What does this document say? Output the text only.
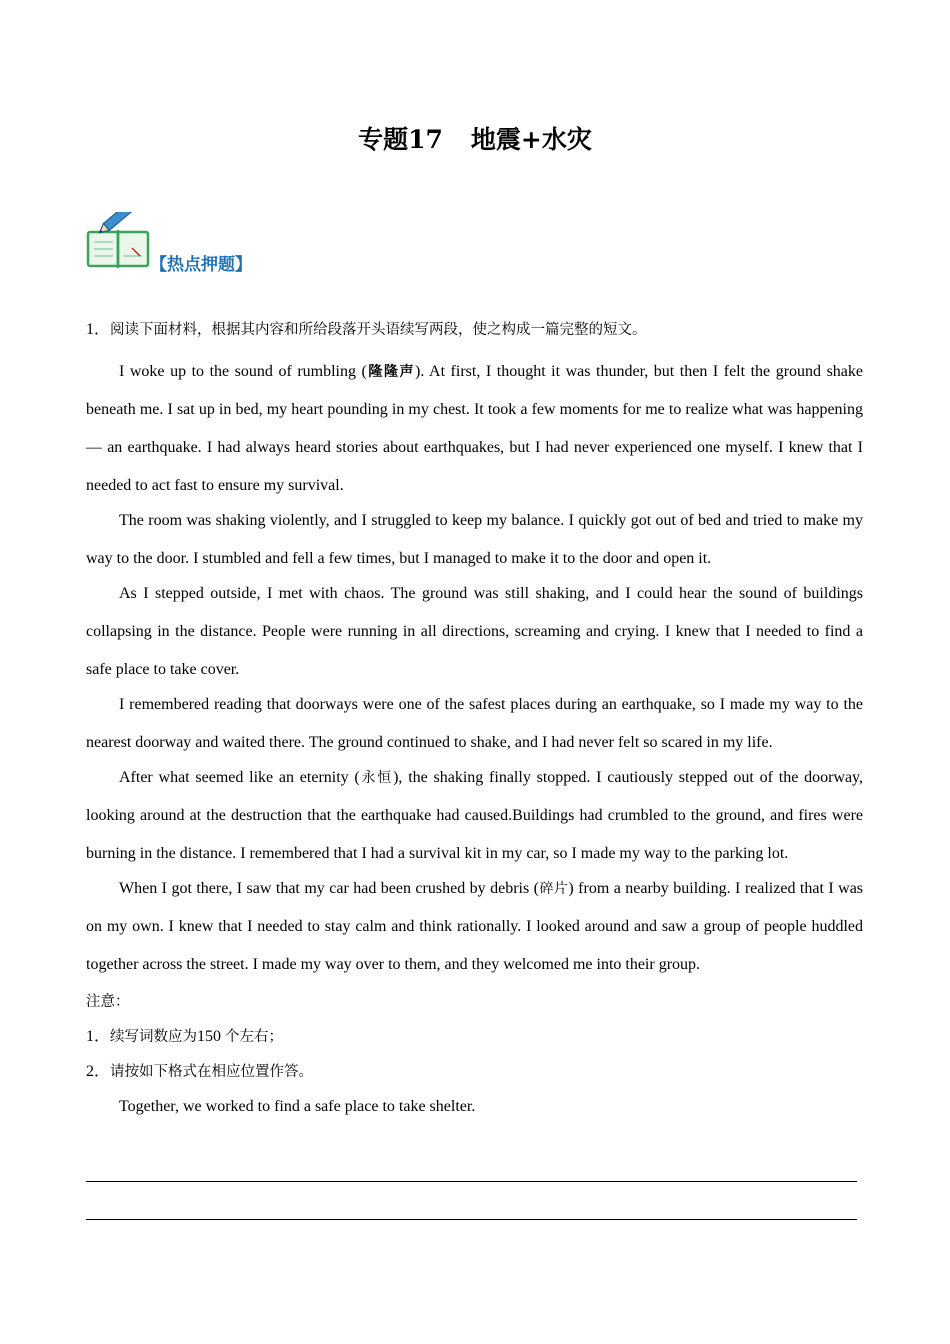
专题17 地震+水灾
【热点押题】

1．阅读下面材料，根据其内容和所给段落开头语续写两段，使之构成一篇完整的短文。

I woke up to the sound of rumbling (隆隆声). At first, I thought it was thunder, but then I felt the ground shake beneath me. I sat up in bed, my heart pounding in my chest. It took a few moments for me to realize what was happening — an earthquake. I had always heard stories about earthquakes, but I had never experienced one myself. I knew that I needed to act fast to ensure my survival.

The room was shaking violently, and I struggled to keep my balance. I quickly got out of bed and tried to make my way to the door. I stumbled and fell a few times, but I managed to make it to the door and open it.

As I stepped outside, I met with chaos. The ground was still shaking, and I could hear the sound of buildings collapsing in the distance. People were running in all directions, screaming and crying. I knew that I needed to find a safe place to take cover.

I remembered reading that doorways were one of the safest places during an earthquake, so I made my way to the nearest doorway and waited there. The ground continued to shake, and I had never felt so scared in my life.

After what seemed like an eternity (永恒), the shaking finally stopped. I cautiously stepped out of the doorway, looking around at the destruction that the earthquake had caused.Buildings had crumbled to the ground, and fires were burning in the distance. I remembered that I had a survival kit in my car, so I made my way to the parking lot.

When I got there, I saw that my car had been crushed by debris (碎片) from a nearby building. I realized that I was on my own. I knew that I needed to stay calm and think rationally. I looked around and saw a group of people huddled together across the street. I made my way over to them, and they welcomed me into their group.

注意：

1．续写词数应为150 个左右；

2．请按如下格式在相应位置作答。

Together, we worked to find a safe place to take shelter.
